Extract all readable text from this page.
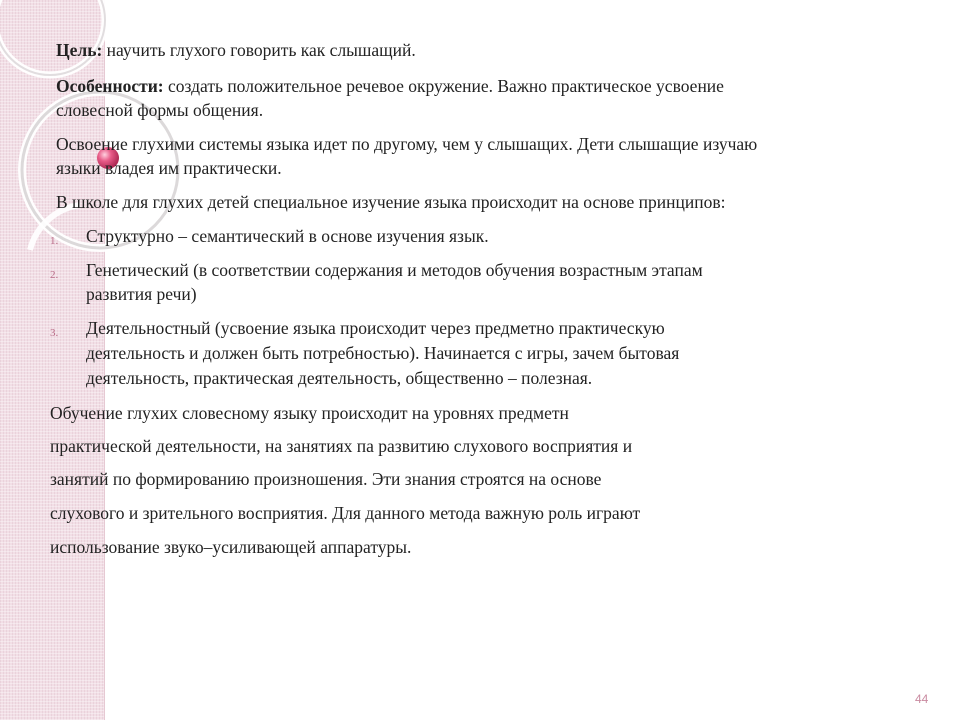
Цель: научить глухого говорить как слышащий.

Особенности: создать положительное речевое окружение. Важно практическое усвоение

словесной формы общения.

Освоение глухими системы языка идет по другому, чем у слышащих. Дети слышащие изучаю

языки владея им практически.

В школе для глухих детей специальное изучение языка происходит на основе принципов:

1. Структурно – семантический в основе изучения язык.

2. Генетический (в соответствии содержания и методов обучения возрастным этапам

развития речи)

3. Деятельностный (усвоение языка происходит через предметно практическую

деятельность и должен быть потребностью). Начинается с игры, зачем бытовая

деятельность, практическая деятельность, общественно – полезная.

Обучение глухих словесному языку происходит на уровнях предметн

практической деятельности, на занятиях па развитию слухового восприятия и

занятий по формированию произношения. Эти знания строятся на основе

слухового и зрительного восприятия. Для данного метода важную роль играют

использование звуко–усиливающей аппаратуры.

44
